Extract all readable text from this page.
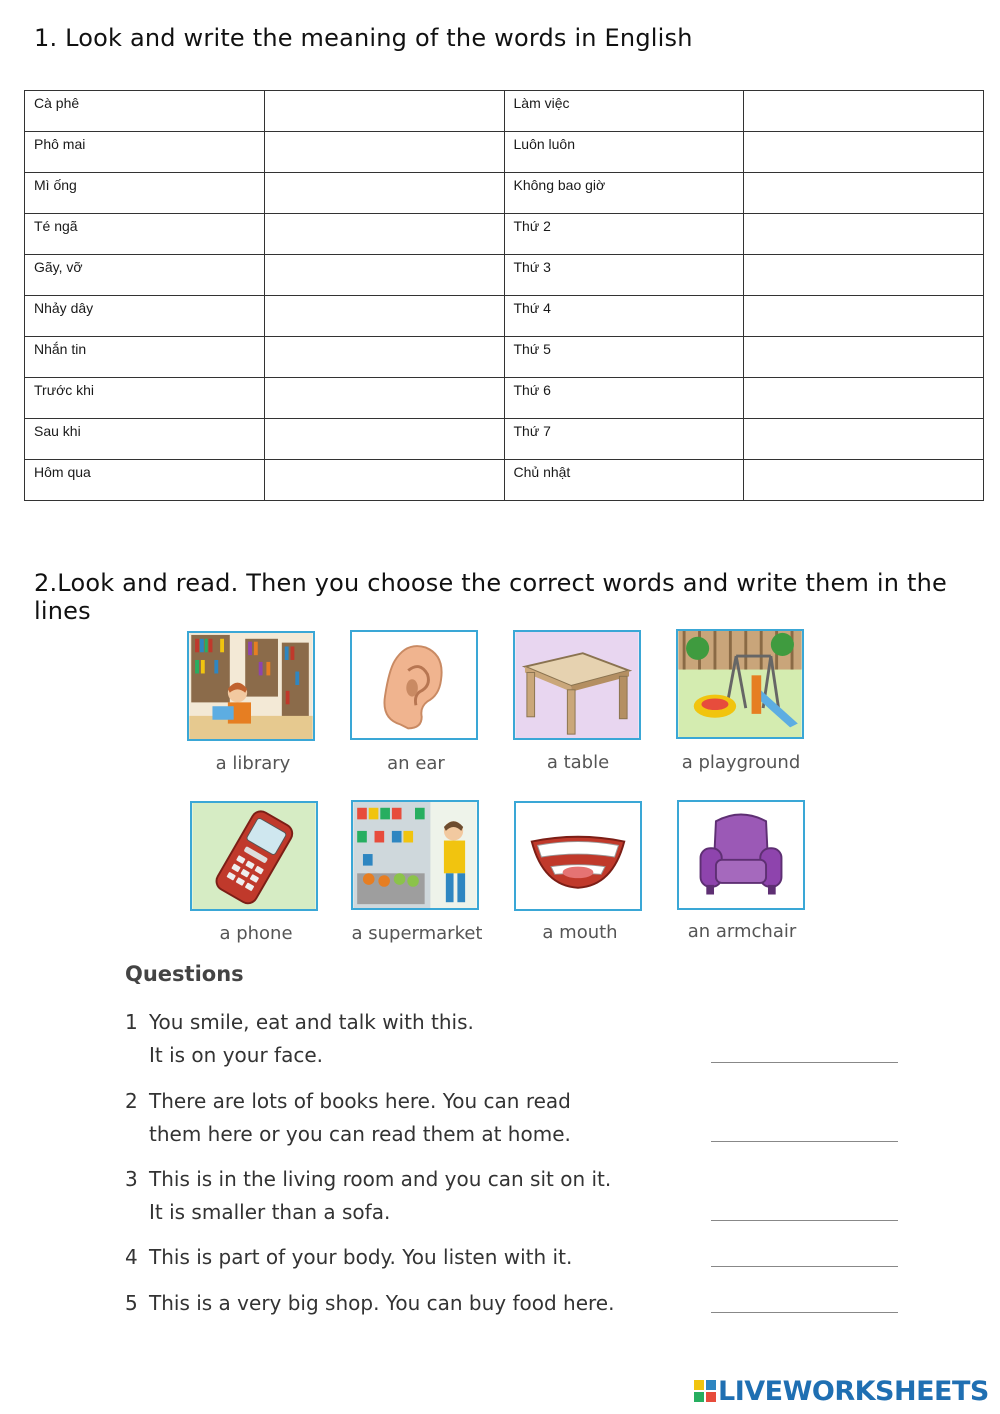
1. Look and write the meaning of the words in English
Cà phê		Làm việc	
Phô mai		Luôn luôn	
Mì ống		Không bao giờ	
Té ngã		Thứ 2	
Gãy, vỡ		Thứ 3	
Nhảy dây		Thứ 4	
Nhắn tin		Thứ 5	
Trước khi		Thứ 6	
Sau khi		Thứ 7	
Hôm qua		Chủ nhật	
2.Look and read. Then you choose the correct words and write them in the lines
a library	an ear	a table	a playground
a phone	a supermarket	a mouth	an armchair
Questions
1 You smile, eat and talk with this.
It is on your face.
2 There are lots of books here. You can read
them here or you can read them at home.
3 This is in the living room and you can sit on it.
It is smaller than a sofa.
4 This is part of your body. You listen with it.
5 This is a very big shop. You can buy food here.
LIVEWORKSHEETS
